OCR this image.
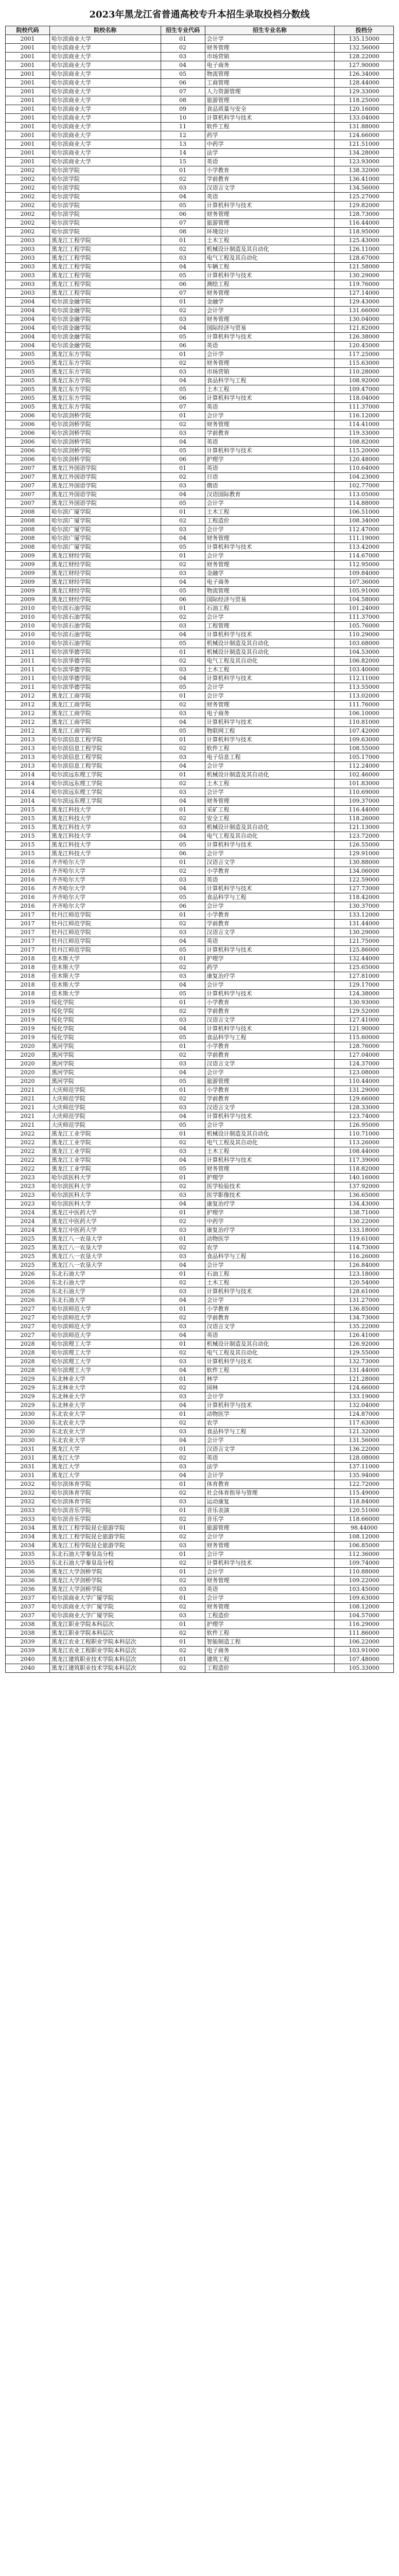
2023年黑龙江省普通高校专升本招生录取投档分数线
院校代码	院校名称	招生专业代码	招生专业名称	投档分
2001	哈尔滨商业大学	01	会计学	135.15000
2001	哈尔滨商业大学	02	财务管理	132.56000
2001	哈尔滨商业大学	03	市场营销	128.22000
2001	哈尔滨商业大学	04	电子商务	127.90000
2001	哈尔滨商业大学	05	物流管理	126.34000
2001	哈尔滨商业大学	06	工商管理	128.44000
2001	哈尔滨商业大学	07	人力资源管理	129.33000
2001	哈尔滨商业大学	08	旅游管理	118.25000
2001	哈尔滨商业大学	09	食品质量与安全	120.16000
2001	哈尔滨商业大学	10	计算机科学与技术	133.04000
2001	哈尔滨商业大学	11	软件工程	131.88000
2001	哈尔滨商业大学	12	药学	124.66000
2001	哈尔滨商业大学	13	中药学	121.51000
2001	哈尔滨商业大学	14	法学	134.28000
2001	哈尔滨商业大学	15	英语	123.93000
2002	哈尔滨学院	01	小学教育	138.32000
2002	哈尔滨学院	02	学前教育	136.41000
2002	哈尔滨学院	03	汉语言文学	134.56000
2002	哈尔滨学院	04	英语	125.27000
2002	哈尔滨学院	05	计算机科学与技术	129.82000
2002	哈尔滨学院	06	财务管理	128.73000
2002	哈尔滨学院	07	旅游管理	116.44000
2002	哈尔滨学院	08	环境设计	118.95000
2003	黑龙江工程学院	01	土木工程	125.43000
2003	黑龙江工程学院	02	机械设计制造及其自动化	126.11000
2003	黑龙江工程学院	03	电气工程及其自动化	128.67000
2003	黑龙江工程学院	04	车辆工程	121.58000
2003	黑龙江工程学院	05	计算机科学与技术	130.29000
2003	黑龙江工程学院	06	测绘工程	119.76000
2003	黑龙江工程学院	07	财务管理	127.14000
2004	哈尔滨金融学院	01	金融学	129.43000
2004	哈尔滨金融学院	02	会计学	131.66000
2004	哈尔滨金融学院	03	财务管理	130.04000
2004	哈尔滨金融学院	04	国际经济与贸易	121.82000
2004	哈尔滨金融学院	05	计算机科学与技术	126.38000
2004	哈尔滨金融学院	06	英语	120.45000
2005	黑龙江东方学院	01	会计学	117.25000
2005	黑龙江东方学院	02	财务管理	115.63000
2005	黑龙江东方学院	03	市场营销	110.28000
2005	黑龙江东方学院	04	食品科学与工程	108.92000
2005	黑龙江东方学院	05	土木工程	109.47000
2005	黑龙江东方学院	06	计算机科学与技术	118.04000
2005	黑龙江东方学院	07	英语	111.37000
2006	哈尔滨剑桥学院	01	会计学	116.12000
2006	哈尔滨剑桥学院	02	财务管理	114.41000
2006	哈尔滨剑桥学院	03	学前教育	119.33000
2006	哈尔滨剑桥学院	04	英语	108.82000
2006	哈尔滨剑桥学院	05	计算机科学与技术	115.20000
2006	哈尔滨剑桥学院	06	护理学	120.48000
2007	黑龙江外国语学院	01	英语	110.64000
2007	黑龙江外国语学院	02	日语	104.23000
2007	黑龙江外国语学院	03	俄语	102.77000
2007	黑龙江外国语学院	04	汉语国际教育	113.05000
2007	黑龙江外国语学院	05	会计学	114.88000
2008	哈尔滨广厦学院	01	土木工程	106.51000
2008	哈尔滨广厦学院	02	工程造价	108.34000
2008	哈尔滨广厦学院	03	会计学	112.47000
2008	哈尔滨广厦学院	04	财务管理	111.19000
2008	哈尔滨广厦学院	05	计算机科学与技术	113.42000
2009	黑龙江财经学院	01	会计学	114.67000
2009	黑龙江财经学院	02	财务管理	112.95000
2009	黑龙江财经学院	03	金融学	109.84000
2009	黑龙江财经学院	04	电子商务	107.36000
2009	黑龙江财经学院	05	物流管理	105.91000
2009	黑龙江财经学院	06	国际经济与贸易	104.58000
2010	哈尔滨石油学院	01	石油工程	101.24000
2010	哈尔滨石油学院	02	会计学	111.37000
2010	哈尔滨石油学院	03	工程管理	105.76000
2010	哈尔滨石油学院	04	计算机科学与技术	110.29000
2010	哈尔滨石油学院	05	机械设计制造及其自动化	103.68000
2011	哈尔滨华德学院	01	机械设计制造及其自动化	104.53000
2011	哈尔滨华德学院	02	电气工程及其自动化	106.82000
2011	哈尔滨华德学院	03	土木工程	103.40000
2011	哈尔滨华德学院	04	计算机科学与技术	112.11000
2011	哈尔滨华德学院	05	会计学	113.55000
2012	黑龙江工商学院	01	会计学	113.02000
2012	黑龙江工商学院	02	财务管理	111.76000
2012	黑龙江工商学院	03	电子商务	106.10000
2012	黑龙江工商学院	04	计算机科学与技术	110.81000
2012	黑龙江工商学院	05	物联网工程	107.42000
2013	哈尔滨信息工程学院	01	计算机科学与技术	109.63000
2013	哈尔滨信息工程学院	02	软件工程	108.55000
2013	哈尔滨信息工程学院	03	电子信息工程	105.17000
2013	哈尔滨信息工程学院	04	会计学	112.24000
2014	哈尔滨远东理工学院	01	机械设计制造及其自动化	102.46000
2014	哈尔滨远东理工学院	02	土木工程	101.83000
2014	哈尔滨远东理工学院	03	会计学	110.69000
2014	哈尔滨远东理工学院	04	财务管理	109.37000
2015	黑龙江科技大学	01	采矿工程	116.44000
2015	黑龙江科技大学	02	安全工程	118.26000
2015	黑龙江科技大学	03	机械设计制造及其自动化	121.13000
2015	黑龙江科技大学	04	电气工程及其自动化	123.72000
2015	黑龙江科技大学	05	计算机科学与技术	126.55000
2015	黑龙江科技大学	06	会计学	129.91000
2016	齐齐哈尔大学	01	汉语言文学	130.88000
2016	齐齐哈尔大学	02	小学教育	134.06000
2016	齐齐哈尔大学	03	英语	122.59000
2016	齐齐哈尔大学	04	计算机科学与技术	127.73000
2016	齐齐哈尔大学	05	食品科学与工程	118.42000
2016	齐齐哈尔大学	06	会计学	130.37000
2017	牡丹江师范学院	01	小学教育	133.12000
2017	牡丹江师范学院	02	学前教育	131.44000
2017	牡丹江师范学院	03	汉语言文学	130.29000
2017	牡丹江师范学院	04	英语	121.75000
2017	牡丹江师范学院	05	计算机科学与技术	125.86000
2018	佳木斯大学	01	护理学	132.44000
2018	佳木斯大学	02	药学	125.65000
2018	佳木斯大学	03	康复治疗学	127.81000
2018	佳木斯大学	04	会计学	129.17000
2018	佳木斯大学	05	计算机科学与技术	124.38000
2019	绥化学院	01	小学教育	130.93000
2019	绥化学院	02	学前教育	129.52000
2019	绥化学院	03	汉语言文学	127.41000
2019	绥化学院	04	计算机科学与技术	121.90000
2019	绥化学院	05	食品科学与工程	115.60000
2020	黑河学院	01	小学教育	128.76000
2020	黑河学院	02	学前教育	127.04000
2020	黑河学院	03	汉语言文学	124.37000
2020	黑河学院	04	会计学	123.08000
2020	黑河学院	05	旅游管理	110.44000
2021	大庆师范学院	01	小学教育	131.29000
2021	大庆师范学院	02	学前教育	129.66000
2021	大庆师范学院	03	汉语言文学	128.33000
2021	大庆师范学院	04	计算机科学与技术	123.74000
2021	大庆师范学院	05	会计学	126.95000
2022	黑龙江工业学院	01	机械设计制造及其自动化	110.71000
2022	黑龙江工业学院	02	电气工程及其自动化	113.26000
2022	黑龙江工业学院	03	土木工程	108.44000
2022	黑龙江工业学院	04	计算机科学与技术	117.39000
2022	黑龙江工业学院	05	财务管理	118.82000
2023	哈尔滨医科大学	01	护理学	140.16000
2023	哈尔滨医科大学	02	医学检验技术	137.92000
2023	哈尔滨医科大学	03	医学影像技术	136.65000
2023	哈尔滨医科大学	04	康复治疗学	134.43000
2024	黑龙江中医药大学	01	护理学	138.71000
2024	黑龙江中医药大学	02	中药学	130.22000
2024	黑龙江中医药大学	03	康复治疗学	133.18000
2025	黑龙江八一农垦大学	01	动物医学	119.61000
2025	黑龙江八一农垦大学	02	农学	114.73000
2025	黑龙江八一农垦大学	03	食品科学与工程	116.26000
2025	黑龙江八一农垦大学	04	会计学	126.84000
2026	东北石油大学	01	石油工程	123.18000
2026	东北石油大学	02	土木工程	120.54000
2026	东北石油大学	03	计算机科学与技术	128.61000
2026	东北石油大学	04	会计学	131.27000
2027	哈尔滨师范大学	01	小学教育	136.85000
2027	哈尔滨师范大学	02	学前教育	134.73000
2027	哈尔滨师范大学	03	汉语言文学	135.22000
2027	哈尔滨师范大学	04	英语	126.41000
2028	哈尔滨理工大学	01	机械设计制造及其自动化	126.92000
2028	哈尔滨理工大学	02	电气工程及其自动化	129.55000
2028	哈尔滨理工大学	03	计算机科学与技术	132.73000
2028	哈尔滨理工大学	04	软件工程	131.44000
2029	东北林业大学	01	林学	121.28000
2029	东北林业大学	02	园林	124.66000
2029	东北林业大学	03	会计学	133.19000
2029	东北林业大学	04	计算机科学与技术	132.04000
2030	东北农业大学	01	动物医学	124.87000
2030	东北农业大学	02	农学	117.63000
2030	东北农业大学	03	食品科学与工程	121.32000
2030	东北农业大学	04	会计学	131.56000
2031	黑龙江大学	01	汉语言文学	136.22000
2031	黑龙江大学	02	英语	128.08000
2031	黑龙江大学	03	法学	137.11000
2031	黑龙江大学	04	会计学	135.94000
2032	哈尔滨体育学院	01	体育教育	122.72000
2032	哈尔滨体育学院	02	社会体育指导与管理	115.49000
2032	哈尔滨体育学院	03	运动康复	118.84000
2033	哈尔滨音乐学院	01	音乐表演	120.51000
2033	哈尔滨音乐学院	02	音乐学	118.66000
2034	黑龙江工程学院昆仑旅游学院	01	旅游管理	98.44000
2034	黑龙江工程学院昆仑旅游学院	02	会计学	108.12000
2034	黑龙江工程学院昆仑旅游学院	03	财务管理	106.85000
2035	东北石油大学秦皇岛分校	01	会计学	112.36000
2035	东北石油大学秦皇岛分校	02	计算机科学与技术	109.74000
2036	黑龙江大学剑桥学院	01	会计学	110.88000
2036	黑龙江大学剑桥学院	02	财务管理	109.22000
2036	黑龙江大学剑桥学院	03	英语	103.45000
2037	哈尔滨商业大学广厦学院	01	会计学	109.63000
2037	哈尔滨商业大学广厦学院	02	财务管理	108.12000
2037	哈尔滨商业大学广厦学院	03	工程造价	104.57000
2038	黑龙江职业学院本科层次	01	护理学	116.29000
2038	黑龙江职业学院本科层次	02	软件工程	111.86000
2039	黑龙江农业工程职业学院本科层次	01	智能制造工程	106.22000
2039	黑龙江农业工程职业学院本科层次	02	电子商务	103.91000
2040	黑龙江建筑职业技术学院本科层次	01	建筑工程	107.48000
2040	黑龙江建筑职业技术学院本科层次	02	工程造价	105.33000
